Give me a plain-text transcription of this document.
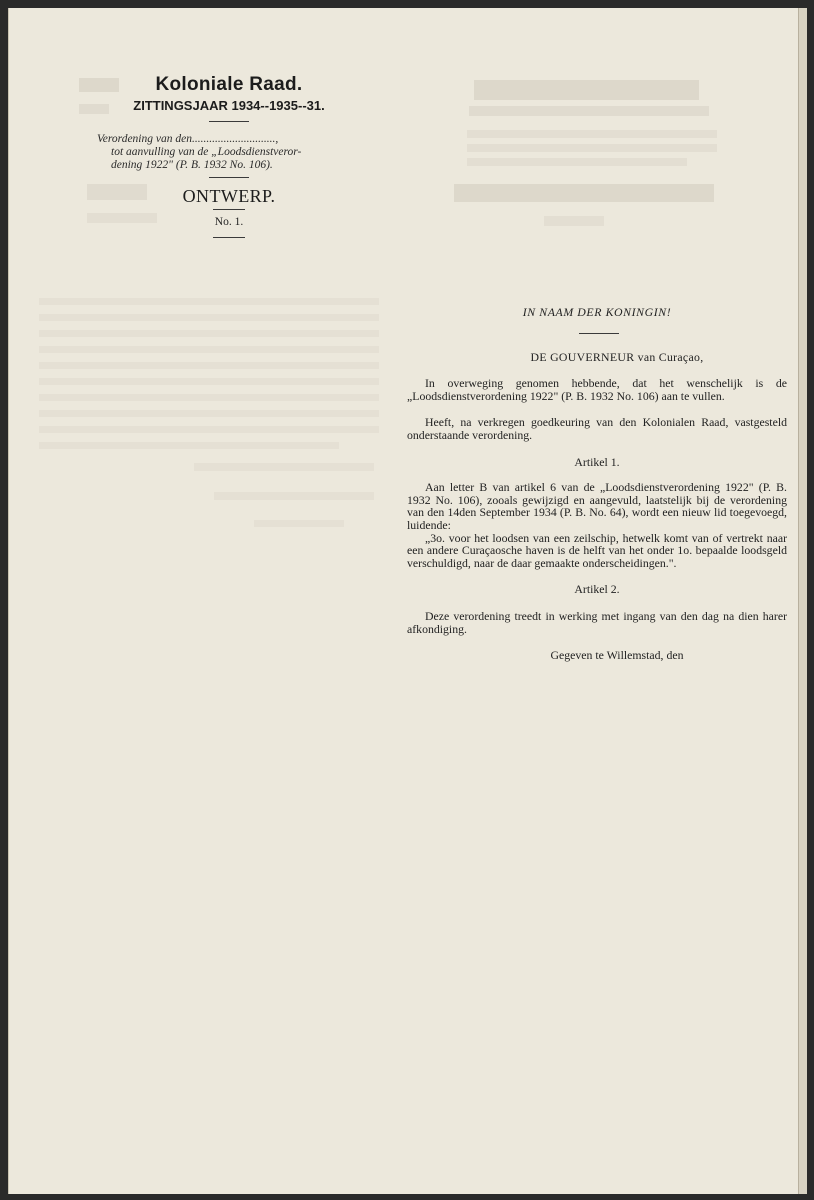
Koloniale Raad.
ZITTINGSJAAR 1934--1935--31.
Verordening van den.............................,
tot aanvulling van de „Loodsdienstveror-
dening 1922" (P. B. 1932 No. 106).
ONTWERP.
No. 1.
IN NAAM DER KONINGIN!
DE GOUVERNEUR van Curaçao,
In overweging genomen hebbende, dat het wenschelijk is de „Loodsdienstverordening 1922" (P. B. 1932 No. 106) aan te vullen.
Heeft, na verkregen goedkeuring van den Kolonialen Raad, vastgesteld onderstaande verordening.
Artikel 1.
Aan letter B van artikel 6 van de „Loodsdienstverordening 1922" (P. B. 1932 No. 106), zooals gewijzigd en aangevuld, laatstelijk bij de verordening van den 14den September 1934 (P. B. No. 64), wordt een nieuw lid toegevoegd, luidende:
„3o. voor het loodsen van een zeilschip, hetwelk komt van of vertrekt naar een andere Curaçaosche haven is de helft van het onder 1o. bepaalde loodsgeld verschuldigd, naar de daar gemaakte onderscheidingen.".
Artikel 2.
Deze verordening treedt in werking met ingang van den dag na dien harer afkondiging.
Gegeven te Willemstad, den
